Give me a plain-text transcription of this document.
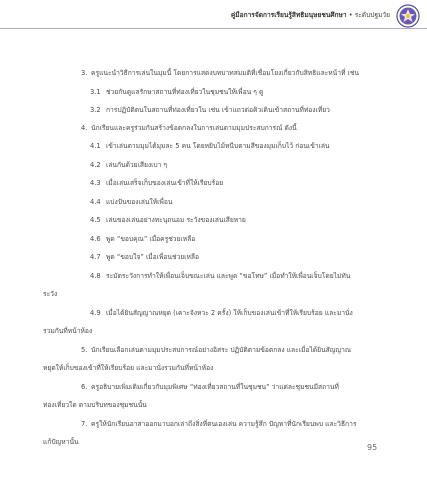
คู่มือการจัดการเรียนรู้สิทธิมนุษยชนศึกษา • ระดับปฐมวัย
3. ครูแนะนำวิธีการเล่นในมุมนี้ โดยการแสดงบทบาทสมมติที่เชื่อมโยงเกี่ยวกับสิทธิและหน้าที่ เช่น
3.1 ช่วยกันดูแลรักษาสถานที่ท่องเที่ยวในชุมชนให้เพื่อน ๆ ดู
3.2 การปฏิบัติตนในสถานที่ท่องเที่ยวใน เช่น เข้าแถวต่อคิวเดินเข้าสถานที่ท่องเที่ยว
4. นักเรียนและครูร่วมกันสร้างข้อตกลงในการเล่นตามมุมประสบการณ์ ดังนี้
4.1 เข้าเล่นตามมุมได้มุมละ 5 คน โดยหยิบไม้หนีบตามสีของมุมเก็บไว้ ก่อนเข้าเล่น
4.2 เล่นกันด้วยเสียงเบา ๆ
4.3 เมื่อเล่นเสร็จเก็บของเล่นเข้าที่ให้เรียบร้อย
4.4 แบ่งปันของเล่นให้เพื่อน
4.5 เล่นของเล่นอย่างทะนุถนอม ระวังของเล่นเสียหาย
4.6 พูด “ขอบคุณ” เมื่อครูช่วยเหลือ
4.7 พูด “ขอบใจ” เมื่อเพื่อนช่วยเหลือ
4.8 ระมัดระวังการทำให้เพื่อนเจ็บขณะเล่น และพูด “ขอโทษ” เมื่อทำให้เพื่อนเจ็บโดยไม่ทัน
ระวัง
4.9 เมื่อได้ยินสัญญาณหยุด (เคาะจังหวะ 2 ครั้ง) ให้เก็บของเล่นเข้าที่ให้เรียบร้อย และมานั่ง
รวมกันที่หน้าห้อง
5. นักเรียนเลือกเล่นตามมุมประสบการณ์อย่างอิสระ ปฏิบัติตามข้อตกลง และเมื่อได้ยินสัญญาณ
หยุดให้เก็บของเข้าที่ให้เรียบร้อย และมานั่งรวมกันที่หน้าห้อง
6. ครูอธิบายเพิ่มเติมเกี่ยวกับมุมพิเศษ “ท่องเที่ยวสถานที่ในชุมชน” ว่าแต่ละชุมชนมีสถานที่
ท่องเที่ยวใด ตามบริบทของชุมชนนั้น
7. ครูให้นักเรียนอาสาออกมาบอกเล่าถึงสิ่งที่ตนเองเล่น ความรู้สึก ปัญหาที่นักเรียนพบ และวิธีการ
แก้ปัญหานั้น
95
